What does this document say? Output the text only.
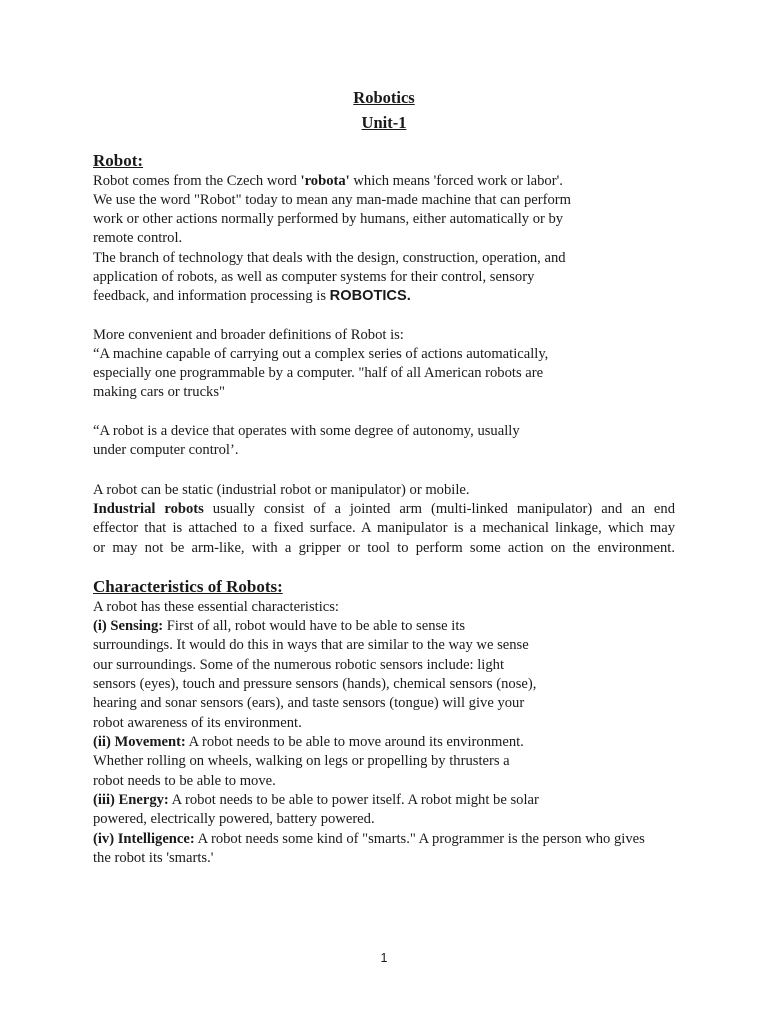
Robotics
Unit-1
Robot:
Robot comes from the Czech word 'robota' which means 'forced work or labor'.
We use the word "Robot" today to mean any man-made machine that can perform
work or other actions normally performed by humans, either automatically or by
remote control.
The branch of technology that deals with the design, construction, operation, and
application of robots, as well as computer systems for their control, sensory
feedback, and information processing is ROBOTICS.
More convenient and broader definitions of Robot is:
“A machine capable of carrying out a complex series of actions automatically,
especially one programmable by a computer. "half of all American robots are
making cars or trucks"
“A robot is a device that operates with some degree of autonomy, usually
under computer control’.
A robot can be static (industrial robot or manipulator) or mobile.
Industrial robots usually consist of a jointed arm (multi-linked manipulator) and an end
effector that is attached to a fixed surface. A manipulator is a mechanical linkage, which may
or may not be arm-like, with a gripper or tool to perform some action on the environment.
Characteristics of Robots:
A robot has these essential characteristics:
(i) Sensing: First of all, robot would have to be able to sense its
surroundings. It would do this in ways that are similar to the way we sense
our surroundings. Some of the numerous robotic sensors include: light
sensors (eyes), touch and pressure sensors (hands), chemical sensors (nose),
hearing and sonar sensors (ears), and taste sensors (tongue) will give your
robot awareness of its environment.
(ii) Movement: A robot needs to be able to move around its environment.
Whether rolling on wheels, walking on legs or propelling by thrusters a
robot needs to be able to move.
(iii) Energy: A robot needs to be able to power itself. A robot might be solar
powered, electrically powered, battery powered.
(iv) Intelligence: A robot needs some kind of "smarts." A programmer is the person who gives
the robot its 'smarts.'
1
